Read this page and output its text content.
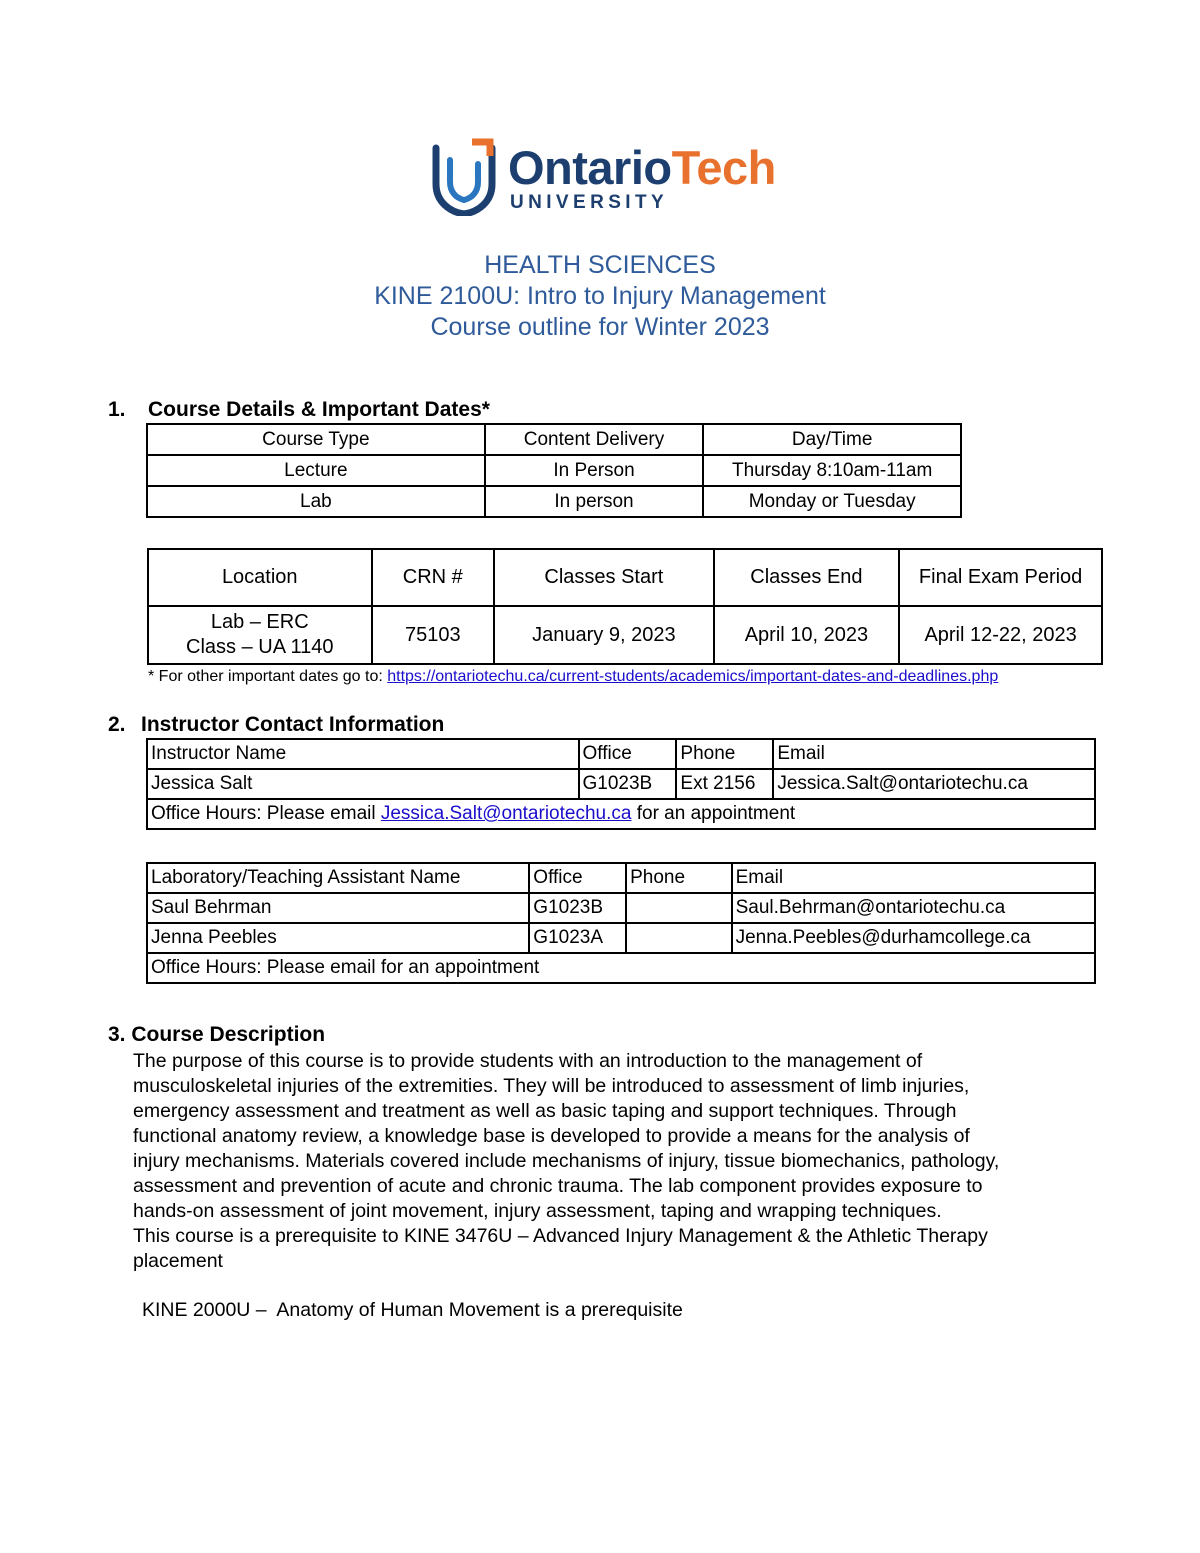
OntarioTech
UNIVERSITY
HEALTH SCIENCES
KINE 2100U: Intro to Injury Management
Course outline for Winter 2023
1. Course Details & Important Dates*
Course Type	Content Delivery	Day/Time
Lecture	In Person	Thursday 8:10am-11am
Lab	In person	Monday or Tuesday
Location	CRN #	Classes Start	Classes End	Final Exam Period

Lab – ERC
Class – UA 1140	75103	January 9, 2023	April 10, 2023	April 12-22, 2023
* For other important dates go to: https://ontariotechu.ca/current-students/academics/important-dates-and-deadlines.php
2. Instructor Contact Information
Instructor Name	Office	Phone	Email
Jessica Salt	G1023B	Ext 2156	Jessica.Salt@ontariotechu.ca
Office Hours: Please email Jessica.Salt@ontariotechu.ca for an appointment			
Laboratory/Teaching Assistant Name	Office	Phone	Email
Saul Behrman	G1023B		Saul.Behrman@ontariotechu.ca
Jenna Peebles	G1023A		Jenna.Peebles@durhamcollege.ca
Office Hours: Please email for an appointment			
3. Course Description

The purpose of this course is to provide students with an introduction to the management of

musculoskeletal injuries of the extremities. They will be introduced to assessment of limb injuries,

emergency assessment and treatment as well as basic taping and support techniques. Through

functional anatomy review, a knowledge base is developed to provide a means for the analysis of

injury mechanisms. Materials covered include mechanisms of injury, tissue biomechanics, pathology,

assessment and prevention of acute and chronic trauma. The lab component provides exposure to

hands-on assessment of joint movement, injury assessment, taping and wrapping techniques.

This course is a prerequisite to KINE 3476U – Advanced Injury Management & the Athletic Therapy

placement

KINE 2000U –  Anatomy of Human Movement is a prerequisite
